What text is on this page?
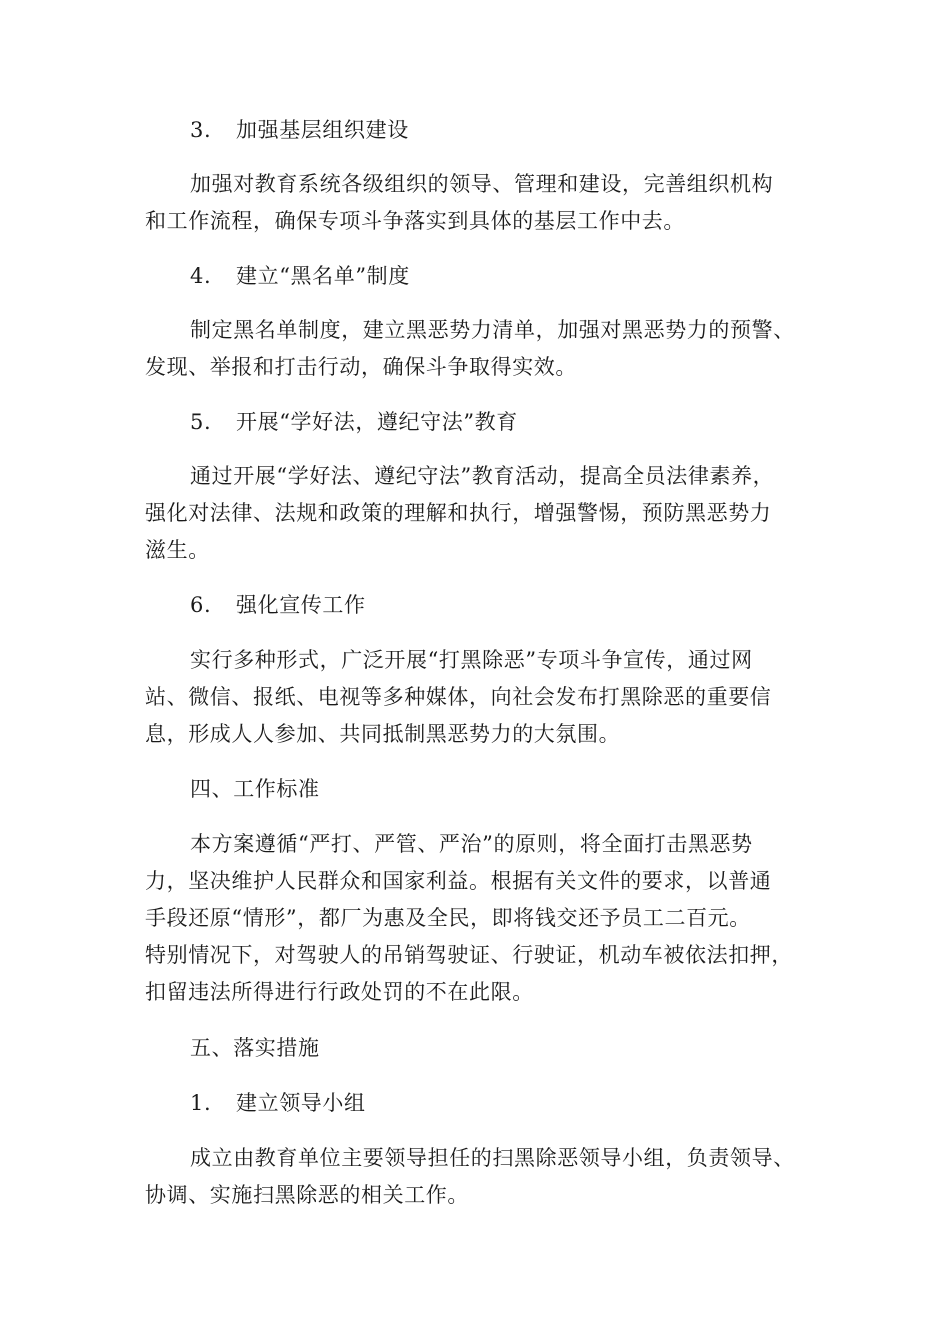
3. 加强基层组织建设
加强对教育系统各级组织的领导、管理和建设，完善组织机构
和工作流程，确保专项斗争落实到具体的基层工作中去。
4. 建立“黑名单”制度
制定黑名单制度，建立黑恶势力清单，加强对黑恶势力的预警、
发现、举报和打击行动，确保斗争取得实效。
5. 开展“学好法，遵纪守法”教育
通过开展“学好法、遵纪守法”教育活动，提高全员法律素养，
强化对法律、法规和政策的理解和执行，增强警惕，预防黑恶势力
滋生。
6. 强化宣传工作
实行多种形式，广泛开展“打黑除恶”专项斗争宣传，通过网
站、微信、报纸、电视等多种媒体，向社会发布打黑除恶的重要信
息，形成人人参加、共同抵制黑恶势力的大氛围。
四、工作标准
本方案遵循“严打、严管、严治”的原则，将全面打击黑恶势
力，坚决维护人民群众和国家利益。根据有关文件的要求，以普通
手段还原“情形”，都厂为惠及全民，即将钱交还予员工二百元。
特别情况下，对驾驶人的吊销驾驶证、行驶证，机动车被依法扣押，
扣留违法所得进行行政处罚的不在此限。
五、落实措施
1. 建立领导小组
成立由教育单位主要领导担任的扫黑除恶领导小组，负责领导、
协调、实施扫黑除恶的相关工作。
